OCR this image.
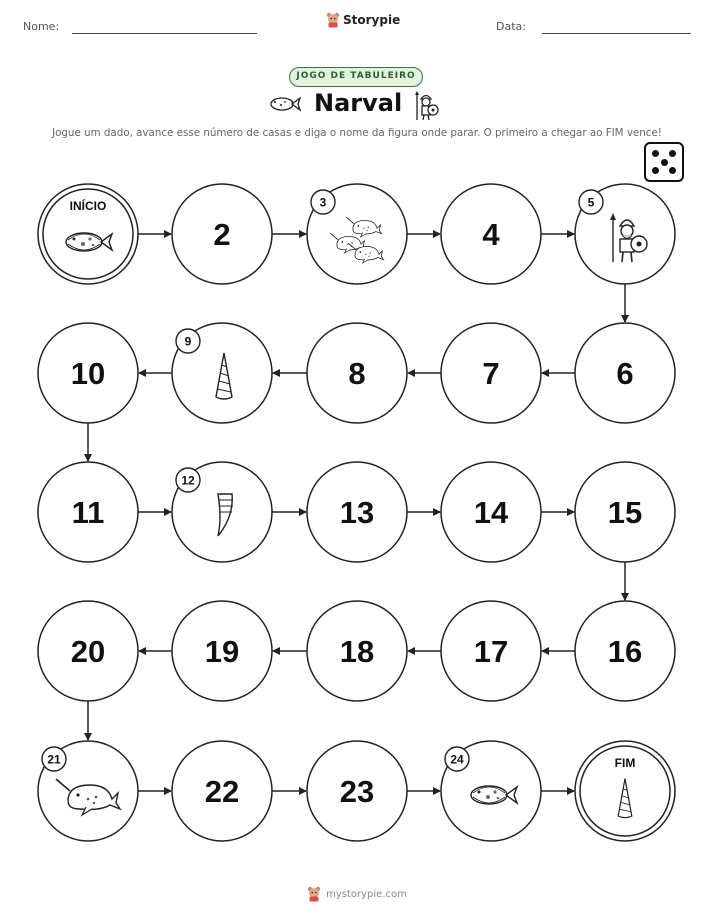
Nome:	Data:
Storypie
JOGO DE TABULEIRO
Narval
Jogue um dado, avance esse número de casas e diga o nome da figura onde parar. O primeiro a chegar ao FIM vence!
INÍCIO
2
3
4
5
6
7
8
9
10
11
12
13	14	15
16
17
18
19
20
21
22	23
24	FIM
mystorypie.com
